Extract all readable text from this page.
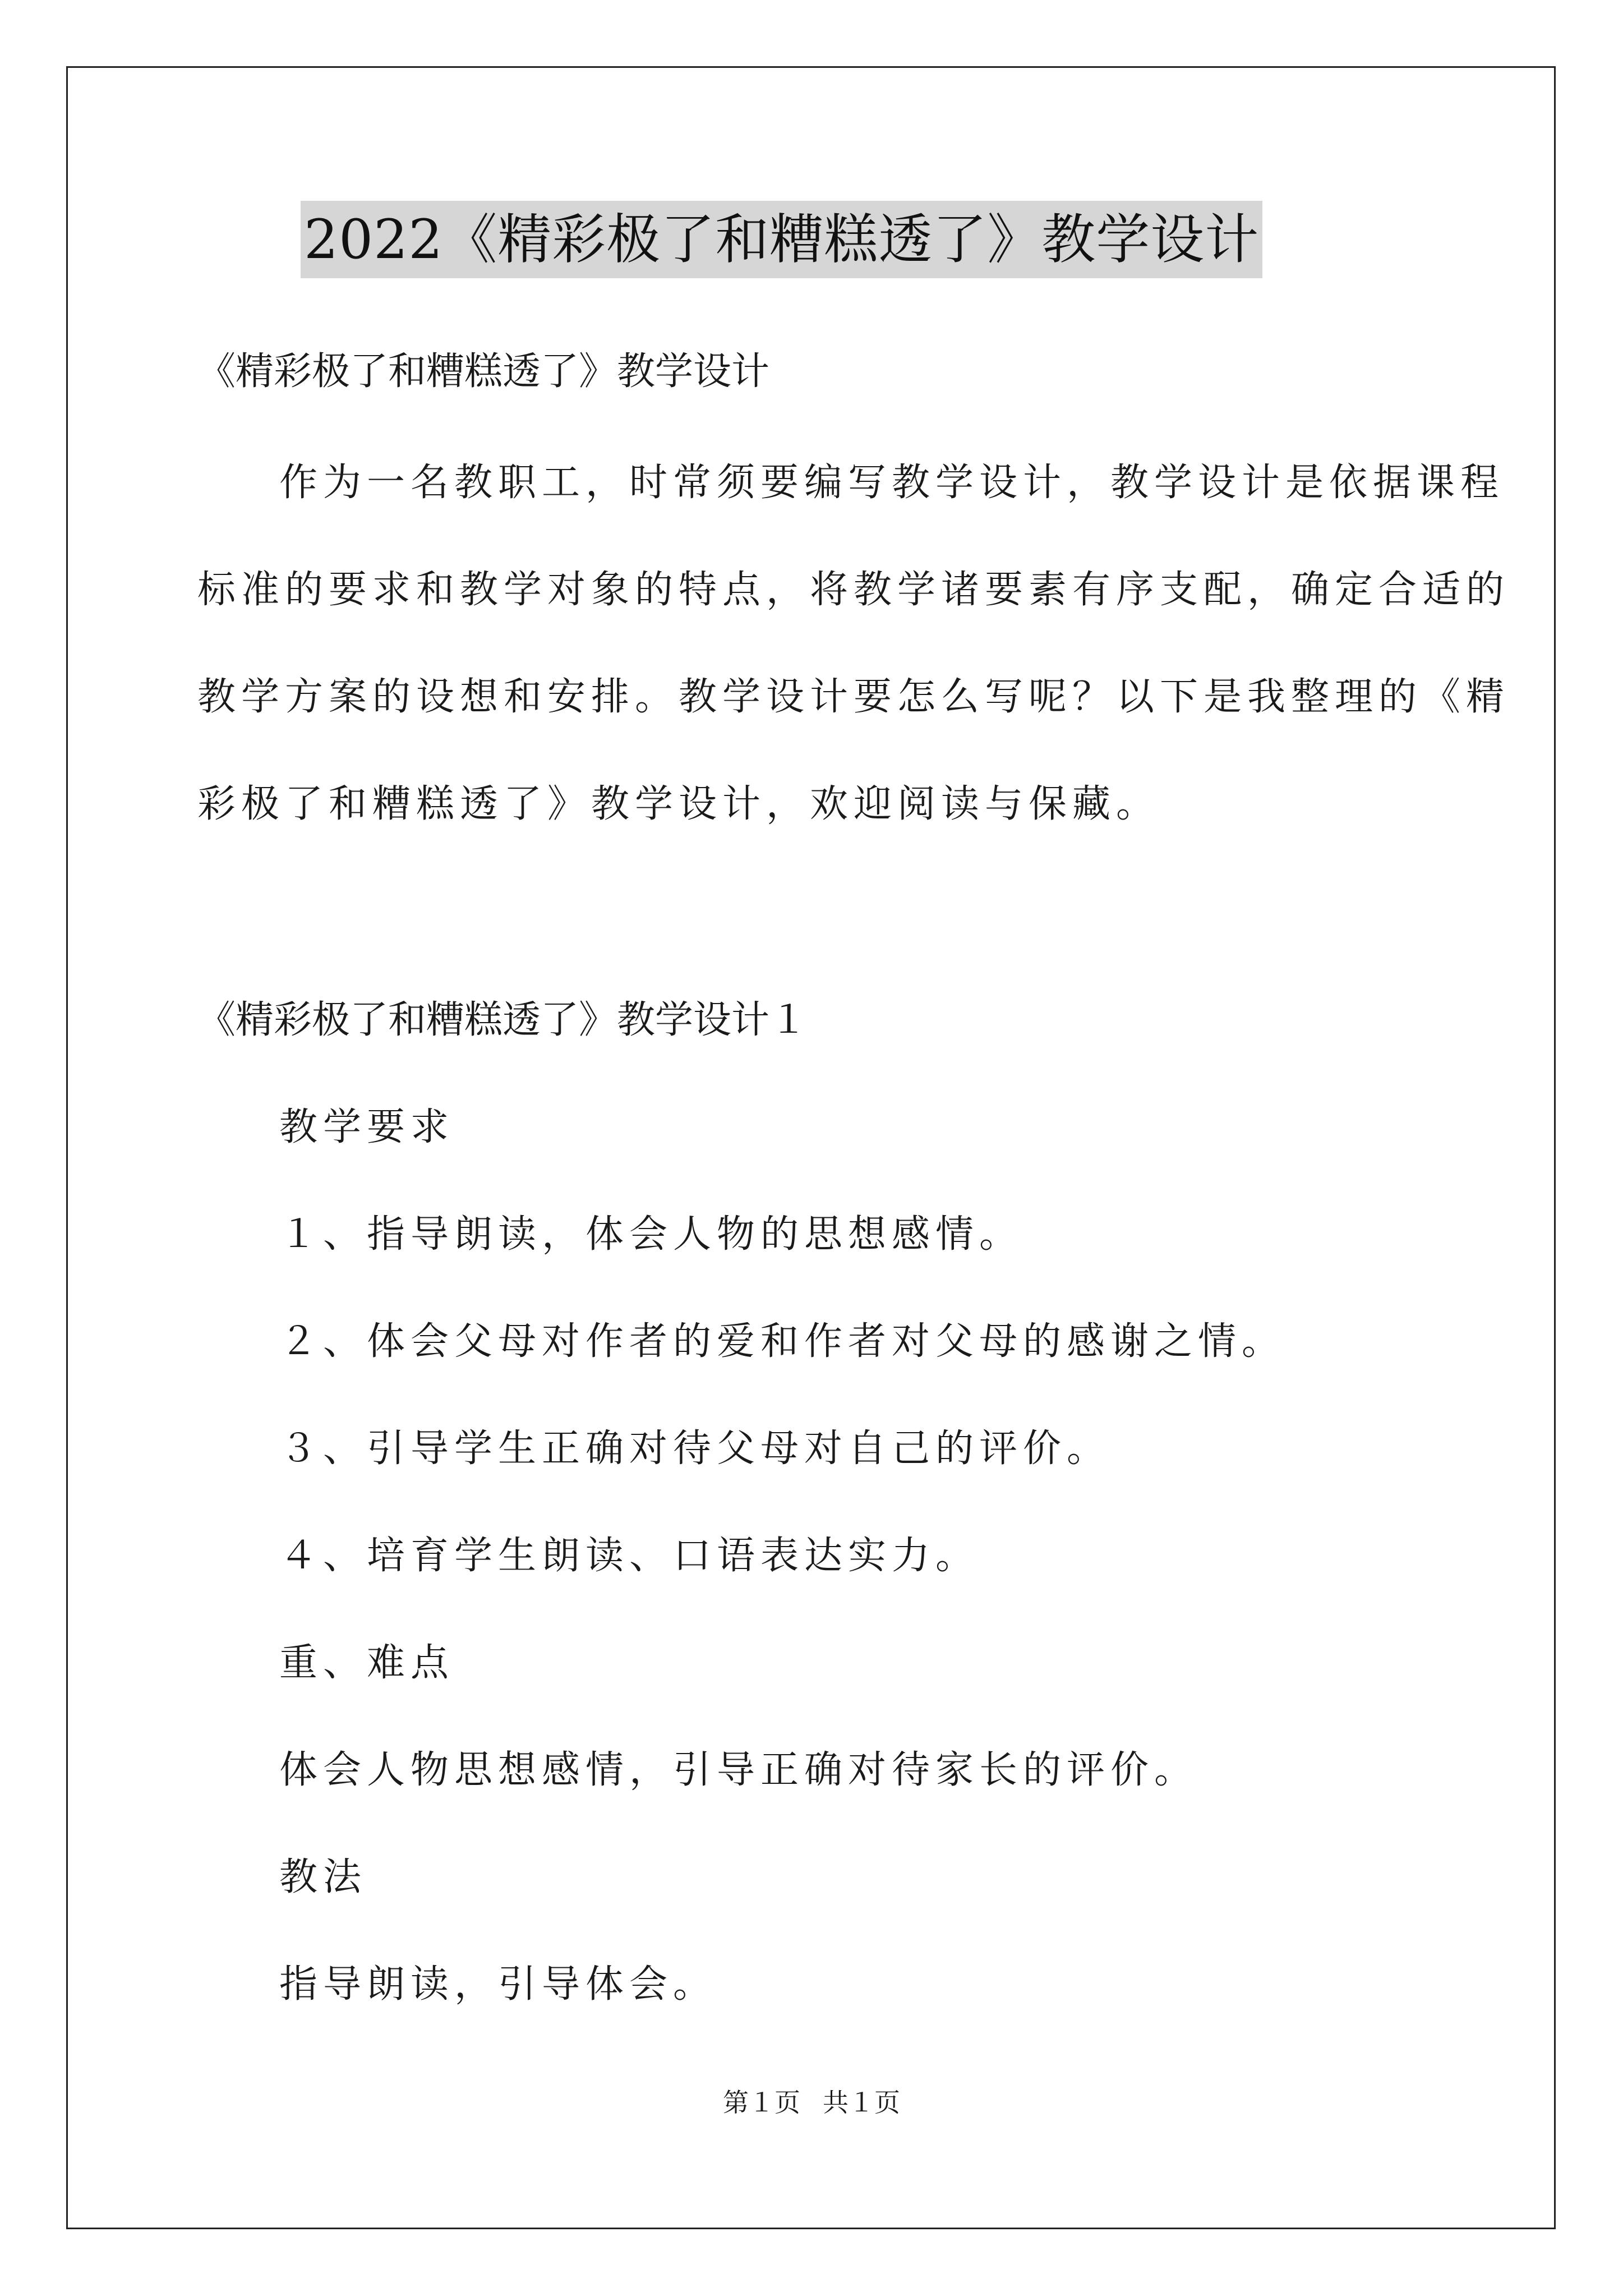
2022《精彩极了和糟糕透了》教学设计
《精彩极了和糟糕透了》教学设计
作为一名教职工，时常须要编写教学设计，教学设计是依据课程
标准的要求和教学对象的特点，将教学诸要素有序支配，确定合适的
教学方案的设想和安排。教学设计要怎么写呢？以下是我整理的《精
彩极了和糟糕透了》教学设计，欢迎阅读与保藏。
《精彩极了和糟糕透了》教学设计１
教学要求
１、指导朗读，体会人物的思想感情。
２、体会父母对作者的爱和作者对父母的感谢之情。
３、引导学生正确对待父母对自己的评价。
４、培育学生朗读、口语表达实力。
重、难点
体会人物思想感情，引导正确对待家长的评价。
教法
指导朗读，引导体会。
第１页 共１页
